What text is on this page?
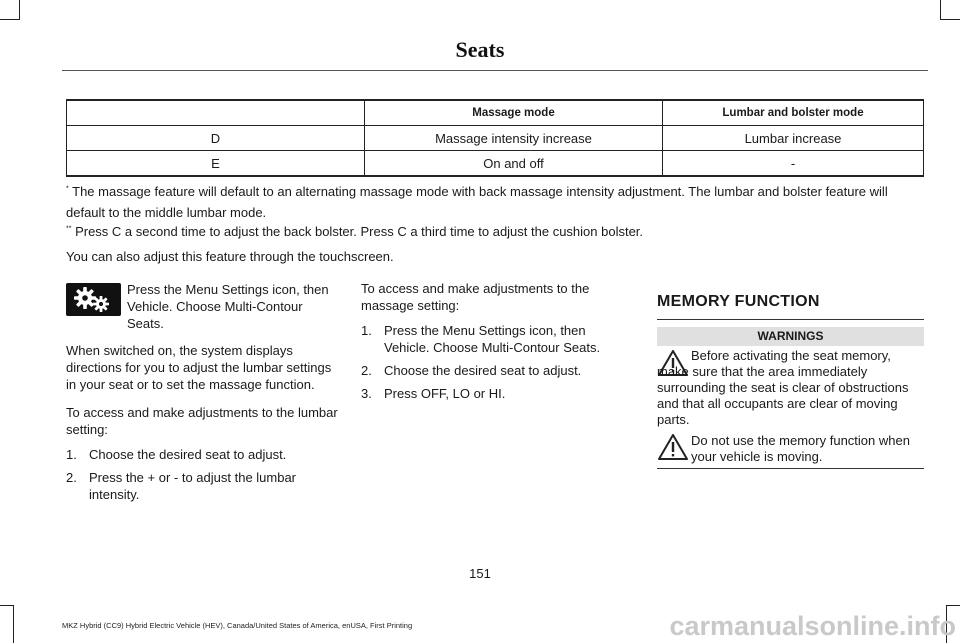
Seats
	Massage mode	Lumbar and bolster mode
D	Massage intensity increase	Lumbar increase
E	On and off	-
* The massage feature will default to an alternating massage mode with back massage intensity adjustment. The lumbar and bolster feature will default to the middle lumbar mode.
** Press C a second time to adjust the back bolster. Press C a third time to adjust the cushion bolster.
You can also adjust this feature through the touchscreen.
Press the Menu Settings icon, then Vehicle. Choose Multi-Contour Seats.

When switched on, the system displays directions for you to adjust the lumbar settings in your seat or to set the massage function.

To access and make adjustments to the lumbar setting:

1. Choose the desired seat to adjust.
2. Press the + or - to adjust the lumbar intensity.

To access and make adjustments to the massage setting:

1. Press the Menu Settings icon, then Vehicle. Choose Multi-Contour Seats.
2. Choose the desired seat to adjust.
3. Press OFF, LO or HI.
MEMORY FUNCTION
WARNINGS
Before activating the seat memory, make sure that the area immediately surrounding the seat is clear of obstructions and that all occupants are clear of moving parts.
Do not use the memory function when your vehicle is moving.
151
MKZ Hybrid (CC9) Hybrid Electric Vehicle (HEV), Canada/United States of America, enUSA, First Printing	carmanualsonline.info
